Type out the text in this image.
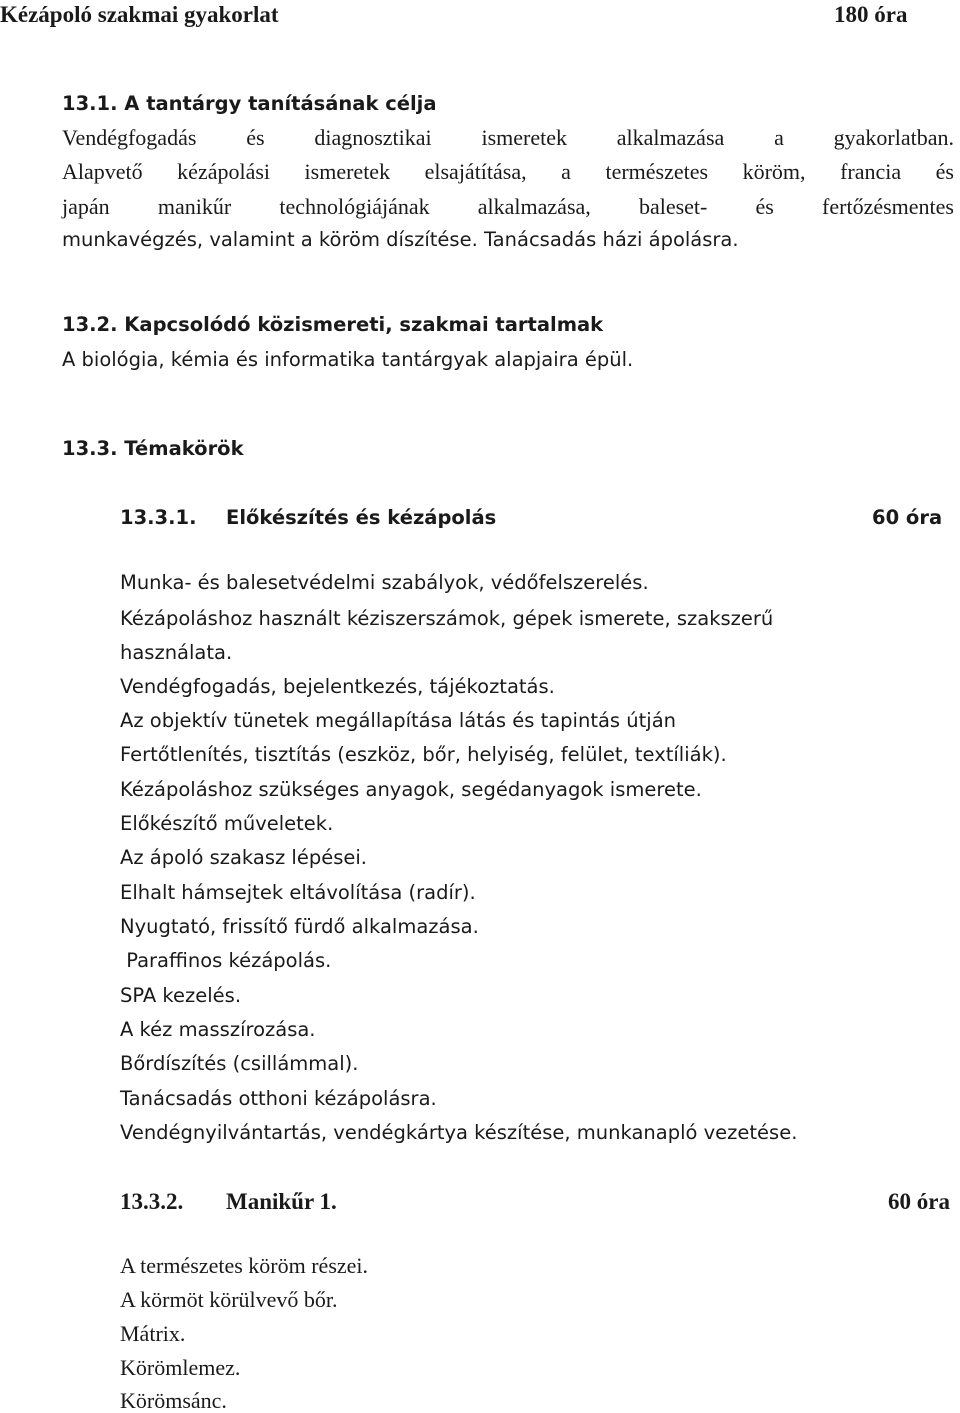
Kézápoló szakmai gyakorlat	180 óra
13.1. A tantárgy tanításának célja
Vendégfogadás és diagnosztikai ismeretek alkalmazása a gyakorlatban.
Alapvető kézápolási ismeretek elsajátítása, a természetes köröm, francia és
japán manikűr technológiájának alkalmazása, baleset- és fertőzésmentes
munkavégzés, valamint a köröm díszítése. Tanácsadás házi ápolásra.
13.2. Kapcsolódó közismereti, szakmai tartalmak
A biológia, kémia és informatika tantárgyak alapjaira épül.
13.3. Témakörök
13.3.1. Előkészítés és kézápolás	60 óra
Munka- és balesetvédelmi szabályok, védőfelszerelés.
Kézápoláshoz használt kéziszerszámok, gépek ismerete, szakszerű
használata.
Vendégfogadás, bejelentkezés, tájékoztatás.
Az objektív tünetek megállapítása látás és tapintás útján
Fertőtlenítés, tisztítás (eszköz, bőr, helyiség, felület, textíliák).
Kézápoláshoz szükséges anyagok, segédanyagok ismerete.
Előkészítő műveletek.
Az ápoló szakasz lépései.
Elhalt hámsejtek eltávolítása (radír).
Nyugtató, frissítő fürdő alkalmazása.
Paraffinos kézápolás.
SPA kezelés.
A kéz masszírozása.
Bőrdíszítés (csillámmal).
Tanácsadás otthoni kézápolásra.
Vendégnyilvántartás, vendégkártya készítése, munkanapló vezetése.
13.3.2. Manikűr 1.	60 óra
A természetes köröm részei.
A körmöt körülvevő bőr.
Mátrix.
Körömlemez.
Körömsánc.
